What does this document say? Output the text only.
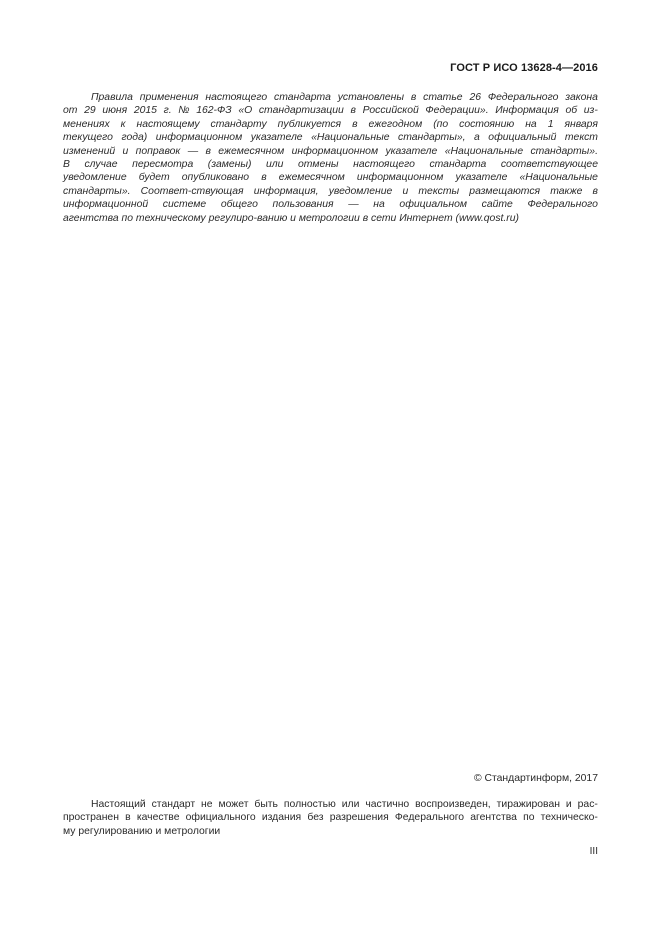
ГОСТ Р ИСО 13628-4—2016
Правила применения настоящего стандарта установлены в статье 26 Федерального закона
от 29 июня 2015 г. № 162-ФЗ «О стандартизации в Российской Федерации». Информация об из-
менениях к настоящему стандарту публикуется в ежегодном (по состоянию на 1 января
текущего года) информационном указателе «Национальные стандарты», а официальный текст
изменений и поправок — в ежемесячном информационном указателе «Национальные стандарты».
В случае пересмотра (замены) или отмены настоящего стандарта соответствующее
уведомление будет опубликовано в ежемесячном информационном указателе «Национальные
стандарты». Соответ-ствующая информация, уведомление и тексты размещаются также в
информационной системе общего пользования — на официальном сайте Федерального
агентства по техническому регулиро-ванию и метрологии в сети Интернет (www.qost.ru)
© Стандартинформ, 2017
Настоящий стандарт не может быть полностью или частично воспроизведен, тиражирован и рас-
пространен в качестве официального издания без разрешения Федерального агентства по техническо-
му регулированию и метрологии
III
